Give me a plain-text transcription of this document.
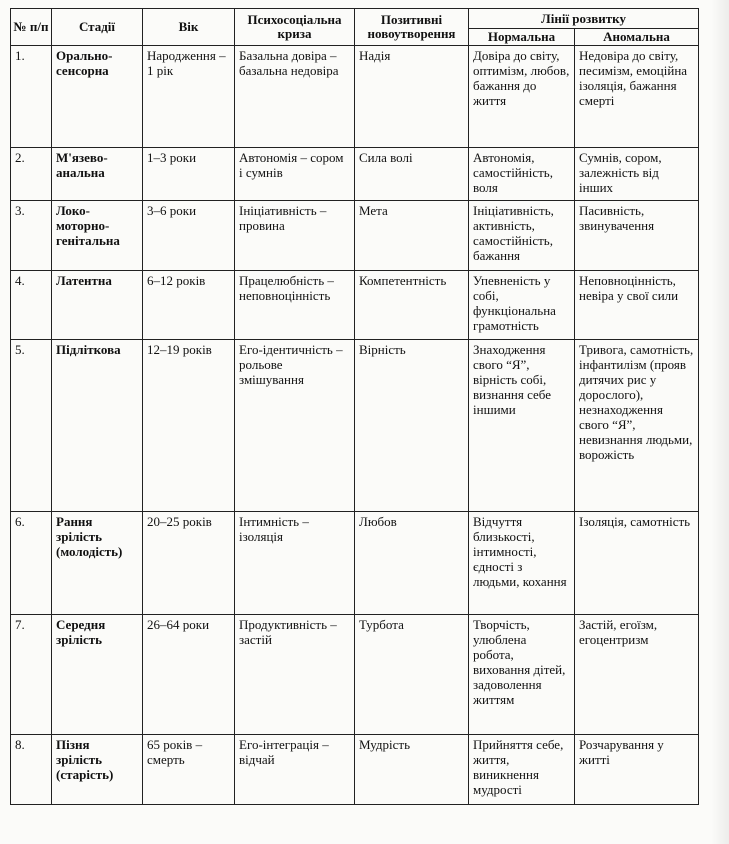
№ п/п	Стадії	Вік	Психосоціальна криза	Позитивні новоутворення	Лінії розвитку	
					Нормальна	Аномальна
1.	Орально-сенсорна	Народження – 1 рік	Базальна довіра – базальна недовіра	Надія	Довіра до світу, оптимізм, любов, бажання до життя	Недовіра до світу, песимізм, емоційна ізоляція, бажання смерті
2.	М'язево-анальна	1–3 роки	Автономія – сором і сумнів	Сила волі	Автономія, самостійність, воля	Сумнів, сором, залежність від інших
3.	Локо-моторно-генітальна	3–6 роки	Ініціативність – провина	Мета	Ініціативність, активність, самостійність, бажання	Пасивність, звинувачення
4.	Латентна	6–12 років	Працелюбність – неповноцінність	Компетентність	Упевненість у собі, функціональна грамотність	Неповноцінність, невіра у свої сили
5.	Підліткова	12–19 років	Его-ідентичність – рольове змішування	Вірність	Знаходження свого “Я”, вірність собі, визнання себе іншими	Тривога, самотність, інфантилізм (прояв дитячих рис у дорослого), незнаходження свого “Я”, невизнання людьми, ворожість
6.	Рання зрілість (молодість)	20–25 років	Інтимність – ізоляція	Любов	Відчуття близькості, інтимності, єдності з людьми, кохання	Ізоляція, самотність
7.	Середня зрілість	26–64 роки	Продуктивність – застій	Турбота	Творчість, улюблена робота, виховання дітей, задоволення життям	Застій, егоїзм, егоцентризм
8.	Пізня зрілість (старість)	65 років – смерть	Его-інтеграція – відчай	Мудрість	Прийняття себе, життя, виникнення мудрості	Розчарування у житті
